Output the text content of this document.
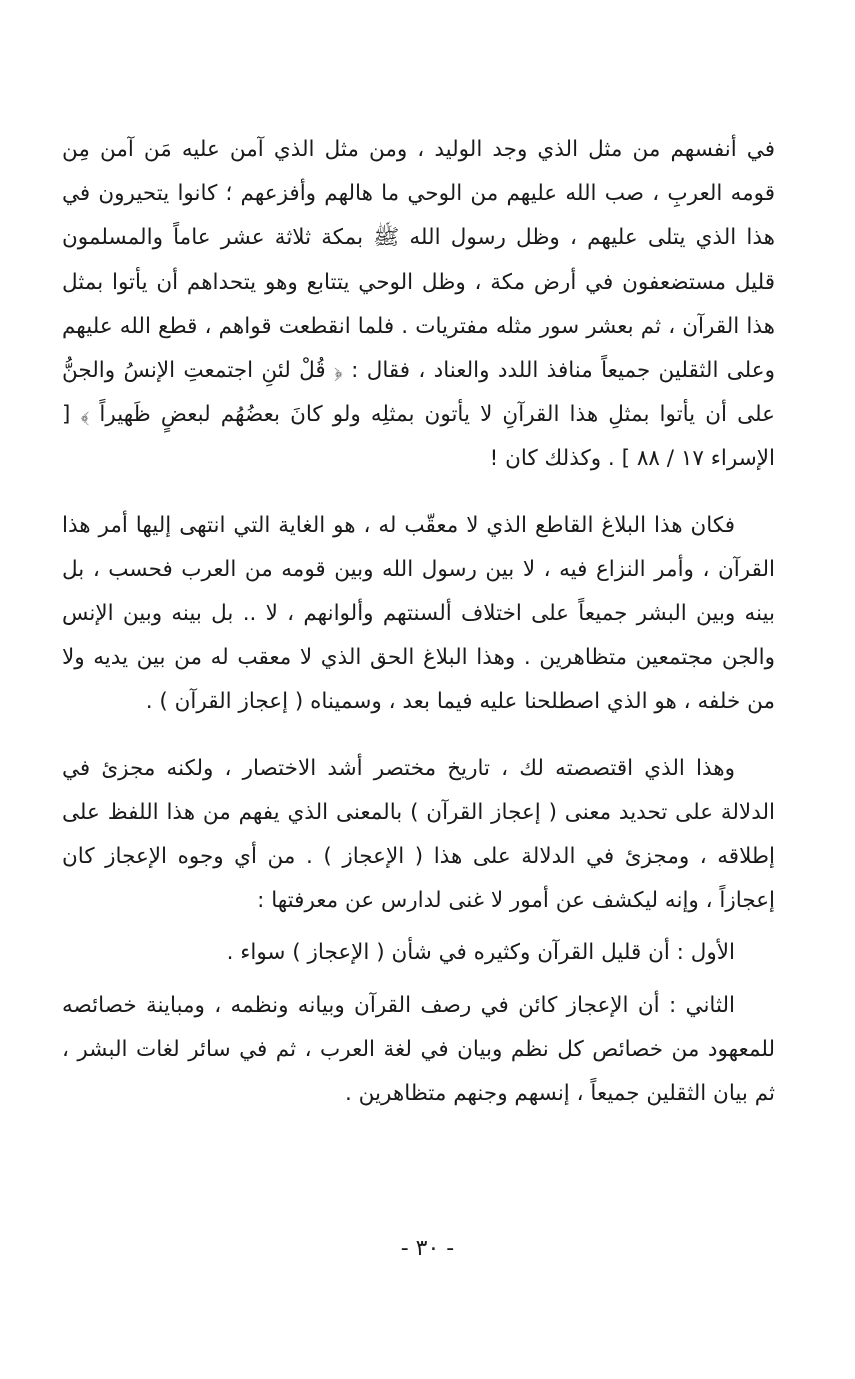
في أنفسهم من مثل الذي وجد الوليد ، ومن مثل الذي آمن عليه مَن آمن مِن قومه العربِ ، صب الله عليهم من الوحي ما هالهم وأفزعهم ؛ كانوا يتحيرون في هذا الذي يتلى عليهم ، وظل رسول الله ﷺ بمكة ثلاثة عشر عاماً والمسلمون قليل مستضعفون في أرض مكة ، وظل الوحي يتتابع وهو يتحداهم أن يأتوا بمثل هذا القرآن ، ثم بعشر سور مثله مفتريات . فلما انقطعت قواهم ، قطع الله عليهم وعلى الثقلين جميعاً منافذ اللدد والعناد ، فقال : ﴿ قُلْ لئنِ اجتمعتِ الإنسُ والجنُّ على أن يأتوا بمثلِ هذا القرآنِ لا يأتون بمثلِه ولو كانَ بعضُهُم لبعضٍ ظَهيراً ﴾ [ الإسراء ١٧ / ٨٨ ] . وكذلك كان !

فكان هذا البلاغ القاطع الذي لا معقّب له ، هو الغاية التي انتهى إليها أمر هذا القرآن ، وأمر النزاع فيه ، لا بين رسول الله وبين قومه من العرب فحسب ، بل بينه وبين البشر جميعاً على اختلاف ألسنتهم وألوانهم ، لا .. بل بينه وبين الإنس والجن مجتمعين متظاهرين . وهذا البلاغ الحق الذي لا معقب له من بين يديه ولا من خلفه ، هو الذي اصطلحنا عليه فيما بعد ، وسميناه ( إعجاز القرآن ) .

وهذا الذي اقتصصته لك ، تاريخ مختصر أشد الاختصار ، ولكنه مجزئ في الدلالة على تحديد معنى ( إعجاز القرآن ) بالمعنى الذي يفهم من هذا اللفظ على إطلاقه ، ومجزئ في الدلالة على هذا ( الإعجاز ) . من أي وجوه الإعجاز كان إعجازاً ، وإنه ليكشف عن أمور لا غنى لدارس عن معرفتها :

الأول : أن قليل القرآن وكثيره في شأن ( الإعجاز ) سواء .

الثاني : أن الإعجاز كائن في رصف القرآن وبيانه ونظمه ، ومباينة خصائصه للمعهود من خصائص كل نظم وبيان في لغة العرب ، ثم في سائر لغات البشر ، ثم بيان الثقلين جميعاً ، إنسهم وجنهم متظاهرين .

- ٣٠ -
